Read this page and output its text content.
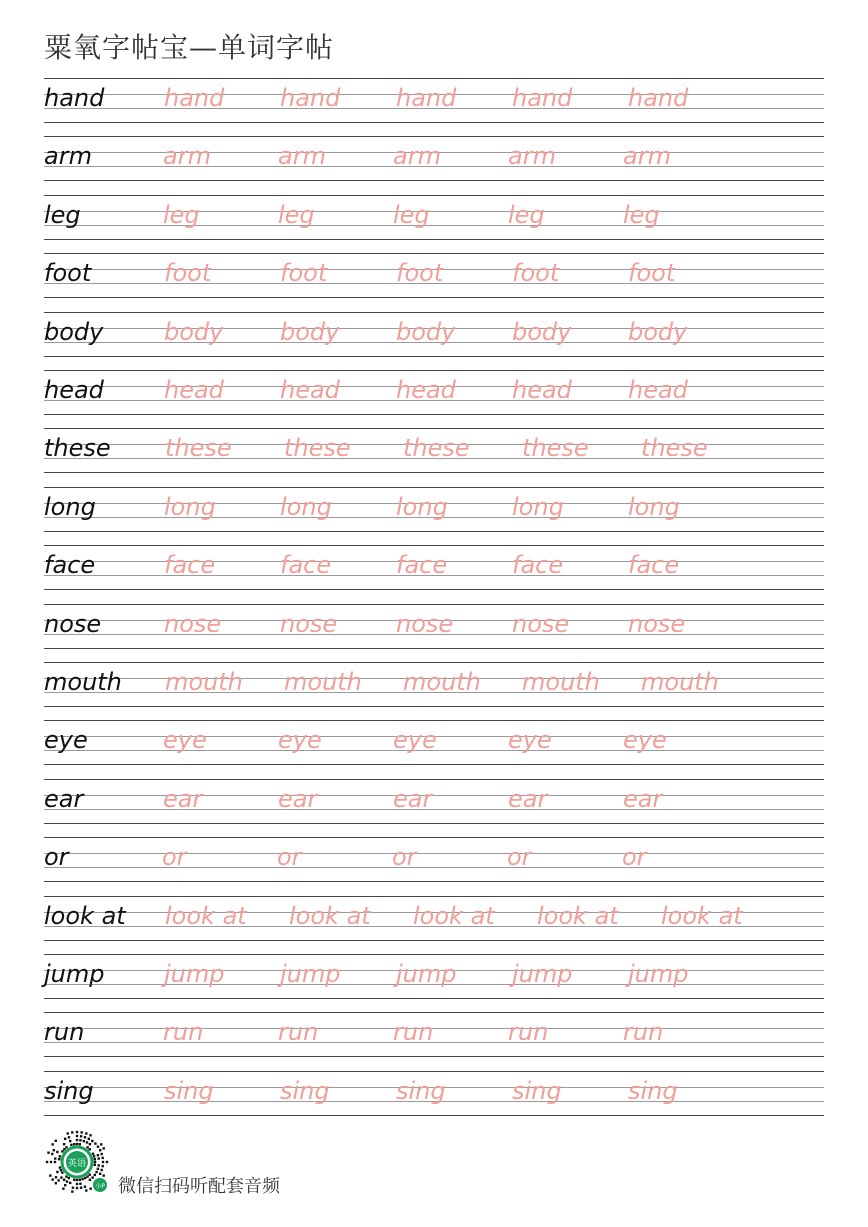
粟氧字帖宝—单词字帖
hand hand hand hand hand hand
arm	arm	arm	arm	arm	arm
leg	leg	leg	leg	leg	leg
foot	foot	foot	foot	foot	foot
body	body body body body body
head	head head head head head
these these these these these these
long	long	long	long	long	long
face	face	face	face	face	face
nose	nose nose nose nose nose
mouth mouth mouth mouth mouth mouth
eye	eye	eye	eye	eye	eye
ear	ear	ear	ear	ear	ear
or	or	or	or	or	or
look at look at look at look at look at look at
jump jump jump jump jump jump
run	run	run	run	run	run
sing	sing	sing	sing	sing	sing
英语
小P 微信扫码听配套音频
